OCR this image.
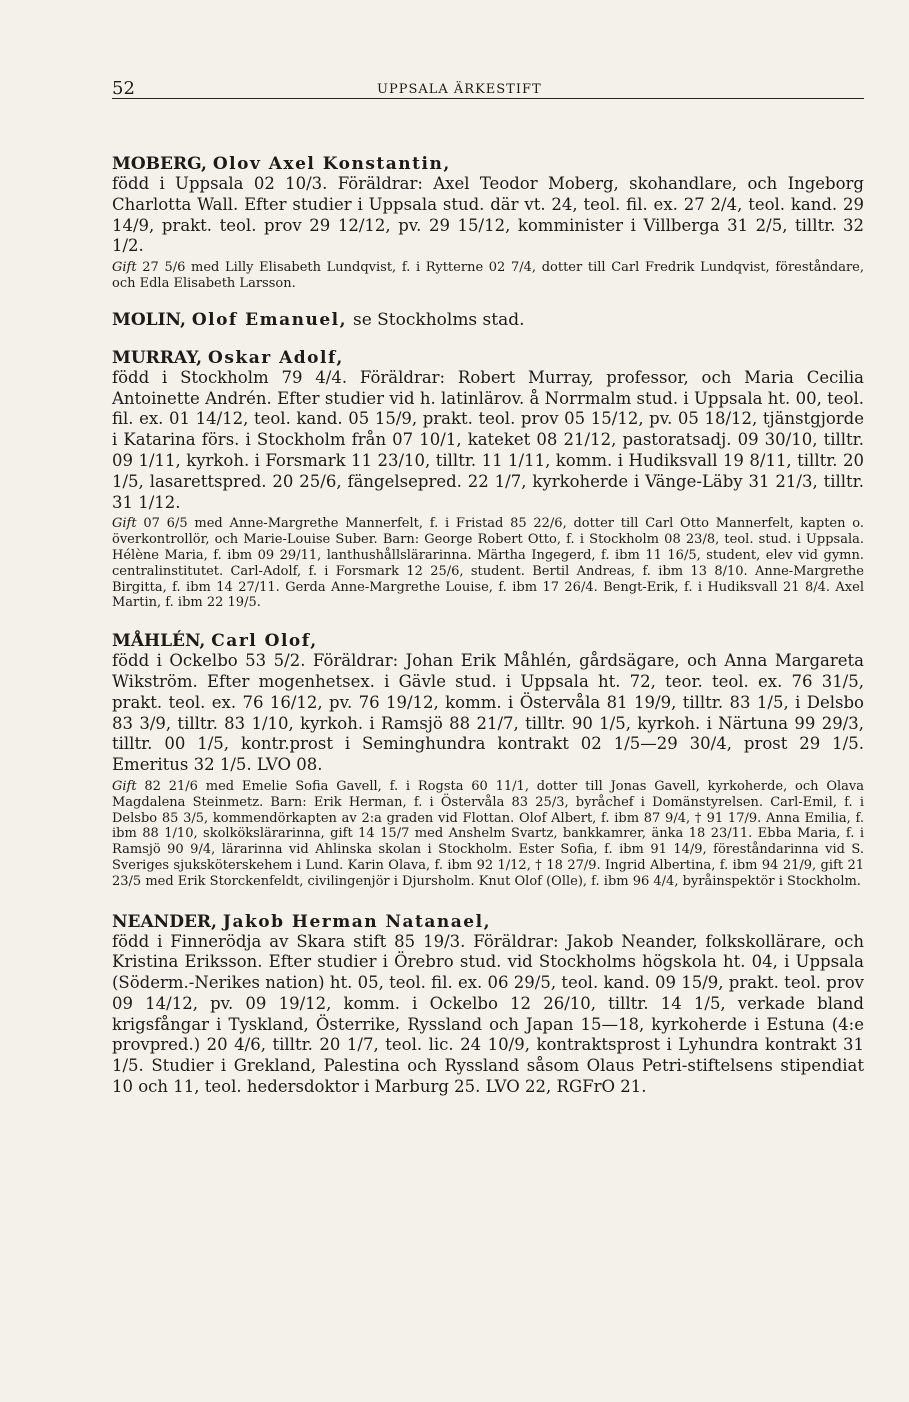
52	UPPSALA ÄRKESTIFT
MOBERG, Olov Axel Konstantin,
född i Uppsala 02 10/3. Föräldrar: Axel Teodor Moberg, skohandlare, och Ingeborg Charlotta Wall. Efter studier i Uppsala stud. där vt. 24, teol. fil. ex. 27 2/4, teol. kand. 29 14/9, prakt. teol. prov 29 12/12, pv. 29 15/12, komminister i Villberga 31 2/5, tilltr. 32 1/2.
Gift 27 5/6 med Lilly Elisabeth Lundqvist, f. i Rytterne 02 7/4, dotter till Carl Fredrik Lundqvist, föreståndare, och Edla Elisabeth Larsson.
MOLIN, Olof Emanuel, se Stockholms stad.
MURRAY, Oskar Adolf,
född i Stockholm 79 4/4. Föräldrar: Robert Murray, professor, och Maria Cecilia Antoinette Andrén. Efter studier vid h. latinlärov. å Norrmalm stud. i Uppsala ht. 00, teol. fil. ex. 01 14/12, teol. kand. 05 15/9, prakt. teol. prov 05 15/12, pv. 05 18/12, tjänstgjorde i Katarina förs. i Stockholm från 07 10/1, kateket 08 21/12, pastoratsadj. 09 30/10, tilltr. 09 1/11, kyrkoh. i Forsmark 11 23/10, tilltr. 11 1/11, komm. i Hudiksvall 19 8/11, tilltr. 20 1/5, lasarettspred. 20 25/6, fängelsepred. 22 1/7, kyrkoherde i Vänge-Läby 31 21/3, tilltr. 31 1/12.
Gift 07 6/5 med Anne-Margrethe Mannerfelt, f. i Fristad 85 22/6, dotter till Carl Otto Mannerfelt, kapten o. överkontrollör, och Marie-Louise Suber. Barn: George Robert Otto, f. i Stockholm 08 23/8, teol. stud. i Uppsala. Hélène Maria, f. ibm 09 29/11, lanthushållslärarinna. Märtha Ingegerd, f. ibm 11 16/5, student, elev vid gymn. centralinstitutet. Carl-Adolf, f. i Forsmark 12 25/6, student. Bertil Andreas, f. ibm 13 8/10. Anne-Margrethe Birgitta, f. ibm 14 27/11. Gerda Anne-Margrethe Louise, f. ibm 17 26/4. Bengt-Erik, f. i Hudiksvall 21 8/4. Axel Martin, f. ibm 22 19/5.
MÅHLÉN, Carl Olof,
född i Ockelbo 53 5/2. Föräldrar: Johan Erik Måhlén, gårdsägare, och Anna Margareta Wikström. Efter mogenhetsex. i Gävle stud. i Uppsala ht. 72, teor. teol. ex. 76 31/5, prakt. teol. ex. 76 16/12, pv. 76 19/12, komm. i Östervåla 81 19/9, tilltr. 83 1/5, i Delsbo 83 3/9, tilltr. 83 1/10, kyrkoh. i Ramsjö 88 21/7, tilltr. 90 1/5, kyrkoh. i Närtuna 99 29/3, tilltr. 00 1/5, kontr.prost i Seminghundra kontrakt 02 1/5—29 30/4, prost 29 1/5. Emeritus 32 1/5. LVO 08.
Gift 82 21/6 med Emelie Sofia Gavell, f. i Rogsta 60 11/1, dotter till Jonas Gavell, kyrkoherde, och Olava Magdalena Steinmetz. Barn: Erik Herman, f. i Östervåla 83 25/3, byråchef i Domänstyrelsen. Carl-Emil, f. i Delsbo 85 3/5, kommendörkapten av 2:a graden vid Flottan. Olof Albert, f. ibm 87 9/4, † 91 17/9. Anna Emilia, f. ibm 88 1/10, skolkökslärarinna, gift 14 15/7 med Anshelm Svartz, bankkamrer, änka 18 23/11. Ebba Maria, f. i Ramsjö 90 9/4, lärarinna vid Ahlinska skolan i Stockholm. Ester Sofia, f. ibm 91 14/9, föreståndarinna vid S. Sveriges sjuksköterskehem i Lund. Karin Olava, f. ibm 92 1/12, † 18 27/9. Ingrid Albertina, f. ibm 94 21/9, gift 21 23/5 med Erik Storckenfeldt, civilingenjör i Djursholm. Knut Olof (Olle), f. ibm 96 4/4, byråinspektör i Stockholm.
NEANDER, Jakob Herman Natanael,
född i Finnerödja av Skara stift 85 19/3. Föräldrar: Jakob Neander, folkskollärare, och Kristina Eriksson. Efter studier i Örebro stud. vid Stockholms högskola ht. 04, i Uppsala (Söderm.-Nerikes nation) ht. 05, teol. fil. ex. 06 29/5, teol. kand. 09 15/9, prakt. teol. prov 09 14/12, pv. 09 19/12, komm. i Ockelbo 12 26/10, tilltr. 14 1/5, verkade bland krigsfångar i Tyskland, Österrike, Ryssland och Japan 15—18, kyrkoherde i Estuna (4:e provpred.) 20 4/6, tilltr. 20 1/7, teol. lic. 24 10/9, kontraktsprost i Lyhundra kontrakt 31 1/5. Studier i Grekland, Palestina och Ryssland såsom Olaus Petri-stiftelsens stipendiat 10 och 11, teol. hedersdoktor i Marburg 25. LVO 22, RGFrO 21.
